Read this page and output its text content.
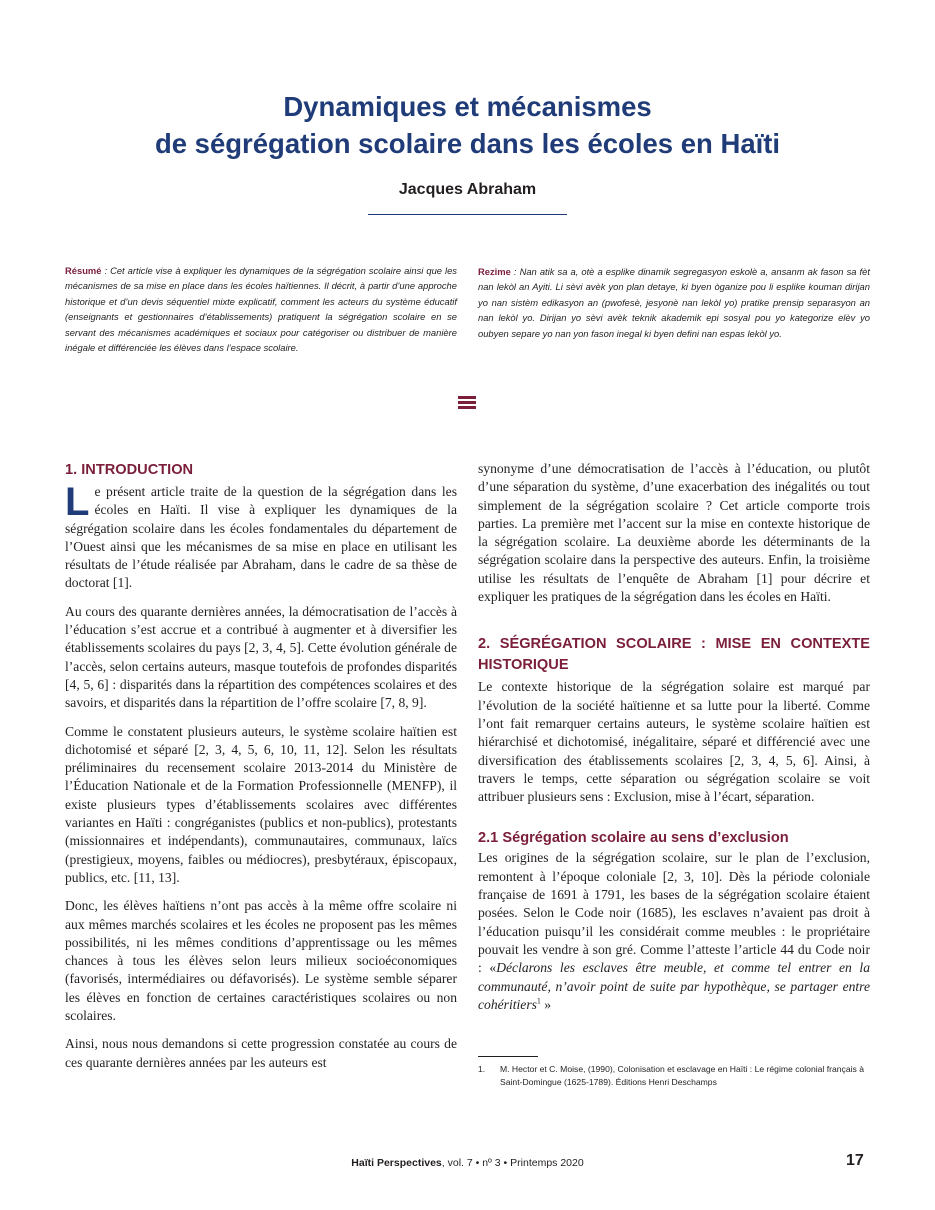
Dynamiques et mécanismes
de ségrégation scolaire dans les écoles en Haïti
Jacques Abraham

Résumé : Cet article vise à expliquer les dynamiques de la ségrégation scolaire ainsi que les mécanismes de sa mise en place dans les écoles haïtiennes. Il décrit, à partir d’une approche historique et d’un devis séquentiel mixte explicatif, comment les acteurs du système éducatif (enseignants et gestionnaires d’établissements) pratiquent la ségrégation scolaire en se servant des mécanismes académiques et sociaux pour catégoriser ou distribuer de manière inégale et différenciée les élèves dans l’espace scolaire.

Rezime : Nan atik sa a, otè a esplike dinamik segregasyon eskolè a, ansanm ak fason sa fèt nan lekòl an Ayiti. Li sèvi avèk yon plan detaye, ki byen òganize pou li esplike kouman dirijan yo nan sistèm edikasyon an (pwofesè, jesyonè nan lekòl yo) pratike prensip separasyon an nan lekòl yo. Dirijan yo sèvi avèk teknik akademik epi sosyal pou yo kategorize elèv yo oubyen separe yo nan yon fason inegal ki byen defini nan espas lekòl yo.

1. INTRODUCTION

Le présent article traite de la question de la ségrégation dans les écoles en Haïti. Il vise à expliquer les dynamiques de la ségrégation scolaire dans les écoles fondamentales du département de l’Ouest ainsi que les mécanismes de sa mise en place en utilisant les résultats de l’étude réalisée par Abraham, dans le cadre de sa thèse de doctorat [1].

Au cours des quarante dernières années, la démocratisation de l’accès à l’éducation s’est accrue et a contribué à augmenter et à diversifier les établissements scolaires du pays [2, 3, 4, 5]. Cette évolution générale de l’accès, selon certains auteurs, masque toutefois de profondes disparités [4, 5, 6] : disparités dans la répartition des compétences scolaires et des savoirs, et disparités dans la répartition de l’offre scolaire [7, 8, 9].

Comme le constatent plusieurs auteurs, le système scolaire haïtien est dichotomisé et séparé [2, 3, 4, 5, 6, 10, 11, 12]. Selon les résultats préliminaires du recensement scolaire 2013-2014 du Ministère de l’Éducation Nationale et de la Formation Professionnelle (MENFP), il existe plusieurs types d’établissements scolaires avec différentes variantes en Haïti : congréganistes (publics et non-publics), protestants (missionnaires et indépendants), communautaires, communaux, laïcs (prestigieux, moyens, faibles ou médiocres), presbytéraux, épiscopaux, publics, etc. [11, 13].

Donc, les élèves haïtiens n’ont pas accès à la même offre scolaire ni aux mêmes marchés scolaires et les écoles ne proposent pas les mêmes possibilités, ni les mêmes conditions d’apprentissage ou les mêmes chances à tous les élèves selon leurs milieux socioéconomiques (favorisés, intermédiaires ou défavorisés). Le système semble séparer les élèves en fonction de certaines caractéristiques scolaires ou non scolaires.

Ainsi, nous nous demandons si cette progression constatée au cours de ces quarante dernières années par les auteurs est

synonyme d’une démocratisation de l’accès à l’éducation, ou plutôt d’une séparation du système, d’une exacerbation des inégalités ou tout simplement de la ségrégation scolaire ? Cet article comporte trois parties. La première met l’accent sur la mise en contexte historique de la ségrégation scolaire. La deuxième aborde les déterminants de la ségrégation scolaire dans la perspective des auteurs. Enfin, la troisième utilise les résultats de l’enquête de Abraham [1] pour décrire et expliquer les pratiques de la ségrégation dans les écoles en Haïti.

2. SÉGRÉGATION SCOLAIRE : MISE EN CONTEXTE HISTORIQUE

Le contexte historique de la ségrégation solaire est marqué par l’évolution de la société haïtienne et sa lutte pour la liberté. Comme l’ont fait remarquer certains auteurs, le système scolaire haïtien est hiérarchisé et dichotomisé, inégalitaire, séparé et différencié avec une diversification des établissements scolaires [2, 3, 4, 5, 6]. Ainsi, à travers le temps, cette séparation ou ségrégation scolaire se voit attribuer plusieurs sens : Exclusion, mise à l’écart, séparation.

2.1 Ségrégation scolaire au sens d’exclusion

Les origines de la ségrégation scolaire, sur le plan de l’exclusion, remontent à l’époque coloniale [2, 3, 10]. Dès la période coloniale française de 1691 à 1791, les bases de la ségrégation scolaire étaient posées. Selon le Code noir (1685), les esclaves n’avaient pas droit à l’éducation puisqu’il les considérait comme meubles : le propriétaire pouvait les vendre à son gré. Comme l’atteste l’article 44 du Code noir : «Déclarons les esclaves être meuble, et comme tel entrer en la communauté, n’avoir point de suite par hypothèque, se partager entre cohéritiers$^1$ »

1.	M. Hector et C. Moise, (1990), Colonisation et esclavage en Haïti : Le régime colonial français à Saint-Domingue (1625-1789). Éditions Henri Deschamps
Haïti Perspectives, vol. 7 • nº 3 • Printemps 2020	17
